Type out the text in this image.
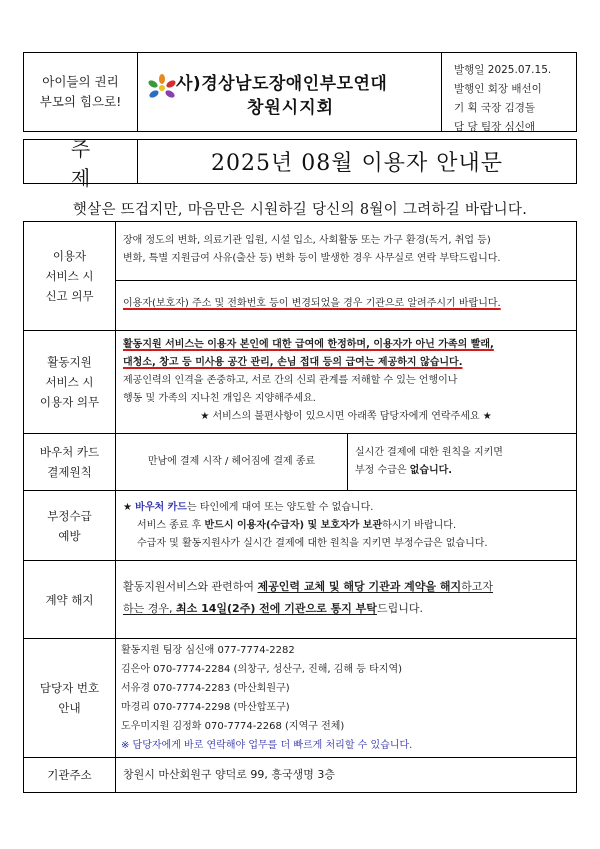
아이들의 권리
부모의 힘으로!
사)경상남도장애인부모연대
창원시지회
발행일 2025.07.15.
발행인 회장 배선이
기 획 국장 김경돌
담 당 팀장 심신애
주제
2025년 08월 이용자 안내문
햇살은 뜨겁지만, 마음만은 시원하길 당신의 8월이 그려하길 바랍니다.
이용자
서비스 시
신고 의무
장애 정도의 변화, 의료기관 입원, 시설 입소, 사회활동 또는 가구 환경(독거, 취업 등)
변화, 특별 지원급여 사유(출산 등) 변화 등이 발생한 경우 사무실로 연락 부탁드립니다.
이용자(보호자) 주소 및 전화번호 등이 변경되었을 경우 기관으로 알려주시기 바랍니다.
활동지원
서비스 시
이용자 의무
활동지원 서비스는 이용자 본인에 대한 급여에 한정하며, 이용자가 아닌 가족의 빨래,
대청소, 창고 등 미사용 공간 관리, 손님 접대 등의 급여는 제공하지 않습니다.
제공인력의 인격을 존중하고, 서로 간의 신뢰 관계를 저해할 수 있는 언행이나
행동 및 가족의 지나친 개입은 지양해주세요.
★ 서비스의 불편사항이 있으시면 아래쪽 담당자에게 연락주세요 ★
바우처 카드
결제원칙
만남에 결제 시작 / 헤어짐에 결제 종료
실시간 결제에 대한 원칙을 지키면
부정 수급은 없습니다.
부정수급
예방
★ 바우처 카드는 타인에게 대여 또는 양도할 수 없습니다.
서비스 종료 후 반드시 이용자(수급자) 및 보호자가 보관하시기 바랍니다.
수급자 및 활동지원사가 실시간 결제에 대한 원칙을 지키면 부정수급은 없습니다.
계약 해지
활동지원서비스와 관련하여 제공인력 교체 및 해당 기관과 계약을 해지하고자
하는 경우, 최소 14일(2주) 전에 기관으로 통지 부탁드립니다.
담당자 번호
안내
활동지원 팀장 심신애 077-7774-2282
김은아 070-7774-2284 (의창구, 성산구, 진해, 김해 등 타지역)
서유경 070-7774-2283 (마산회원구)
마경리 070-7774-2298 (마산합포구)
도우미지원 김정화 070-7774-2268 (지역구 전체)
※ 담당자에게 바로 연락해야 업무를 더 빠르게 처리할 수 있습니다.
기관주소	창원시 마산회원구 양덕로 99, 흥국생명 3층
